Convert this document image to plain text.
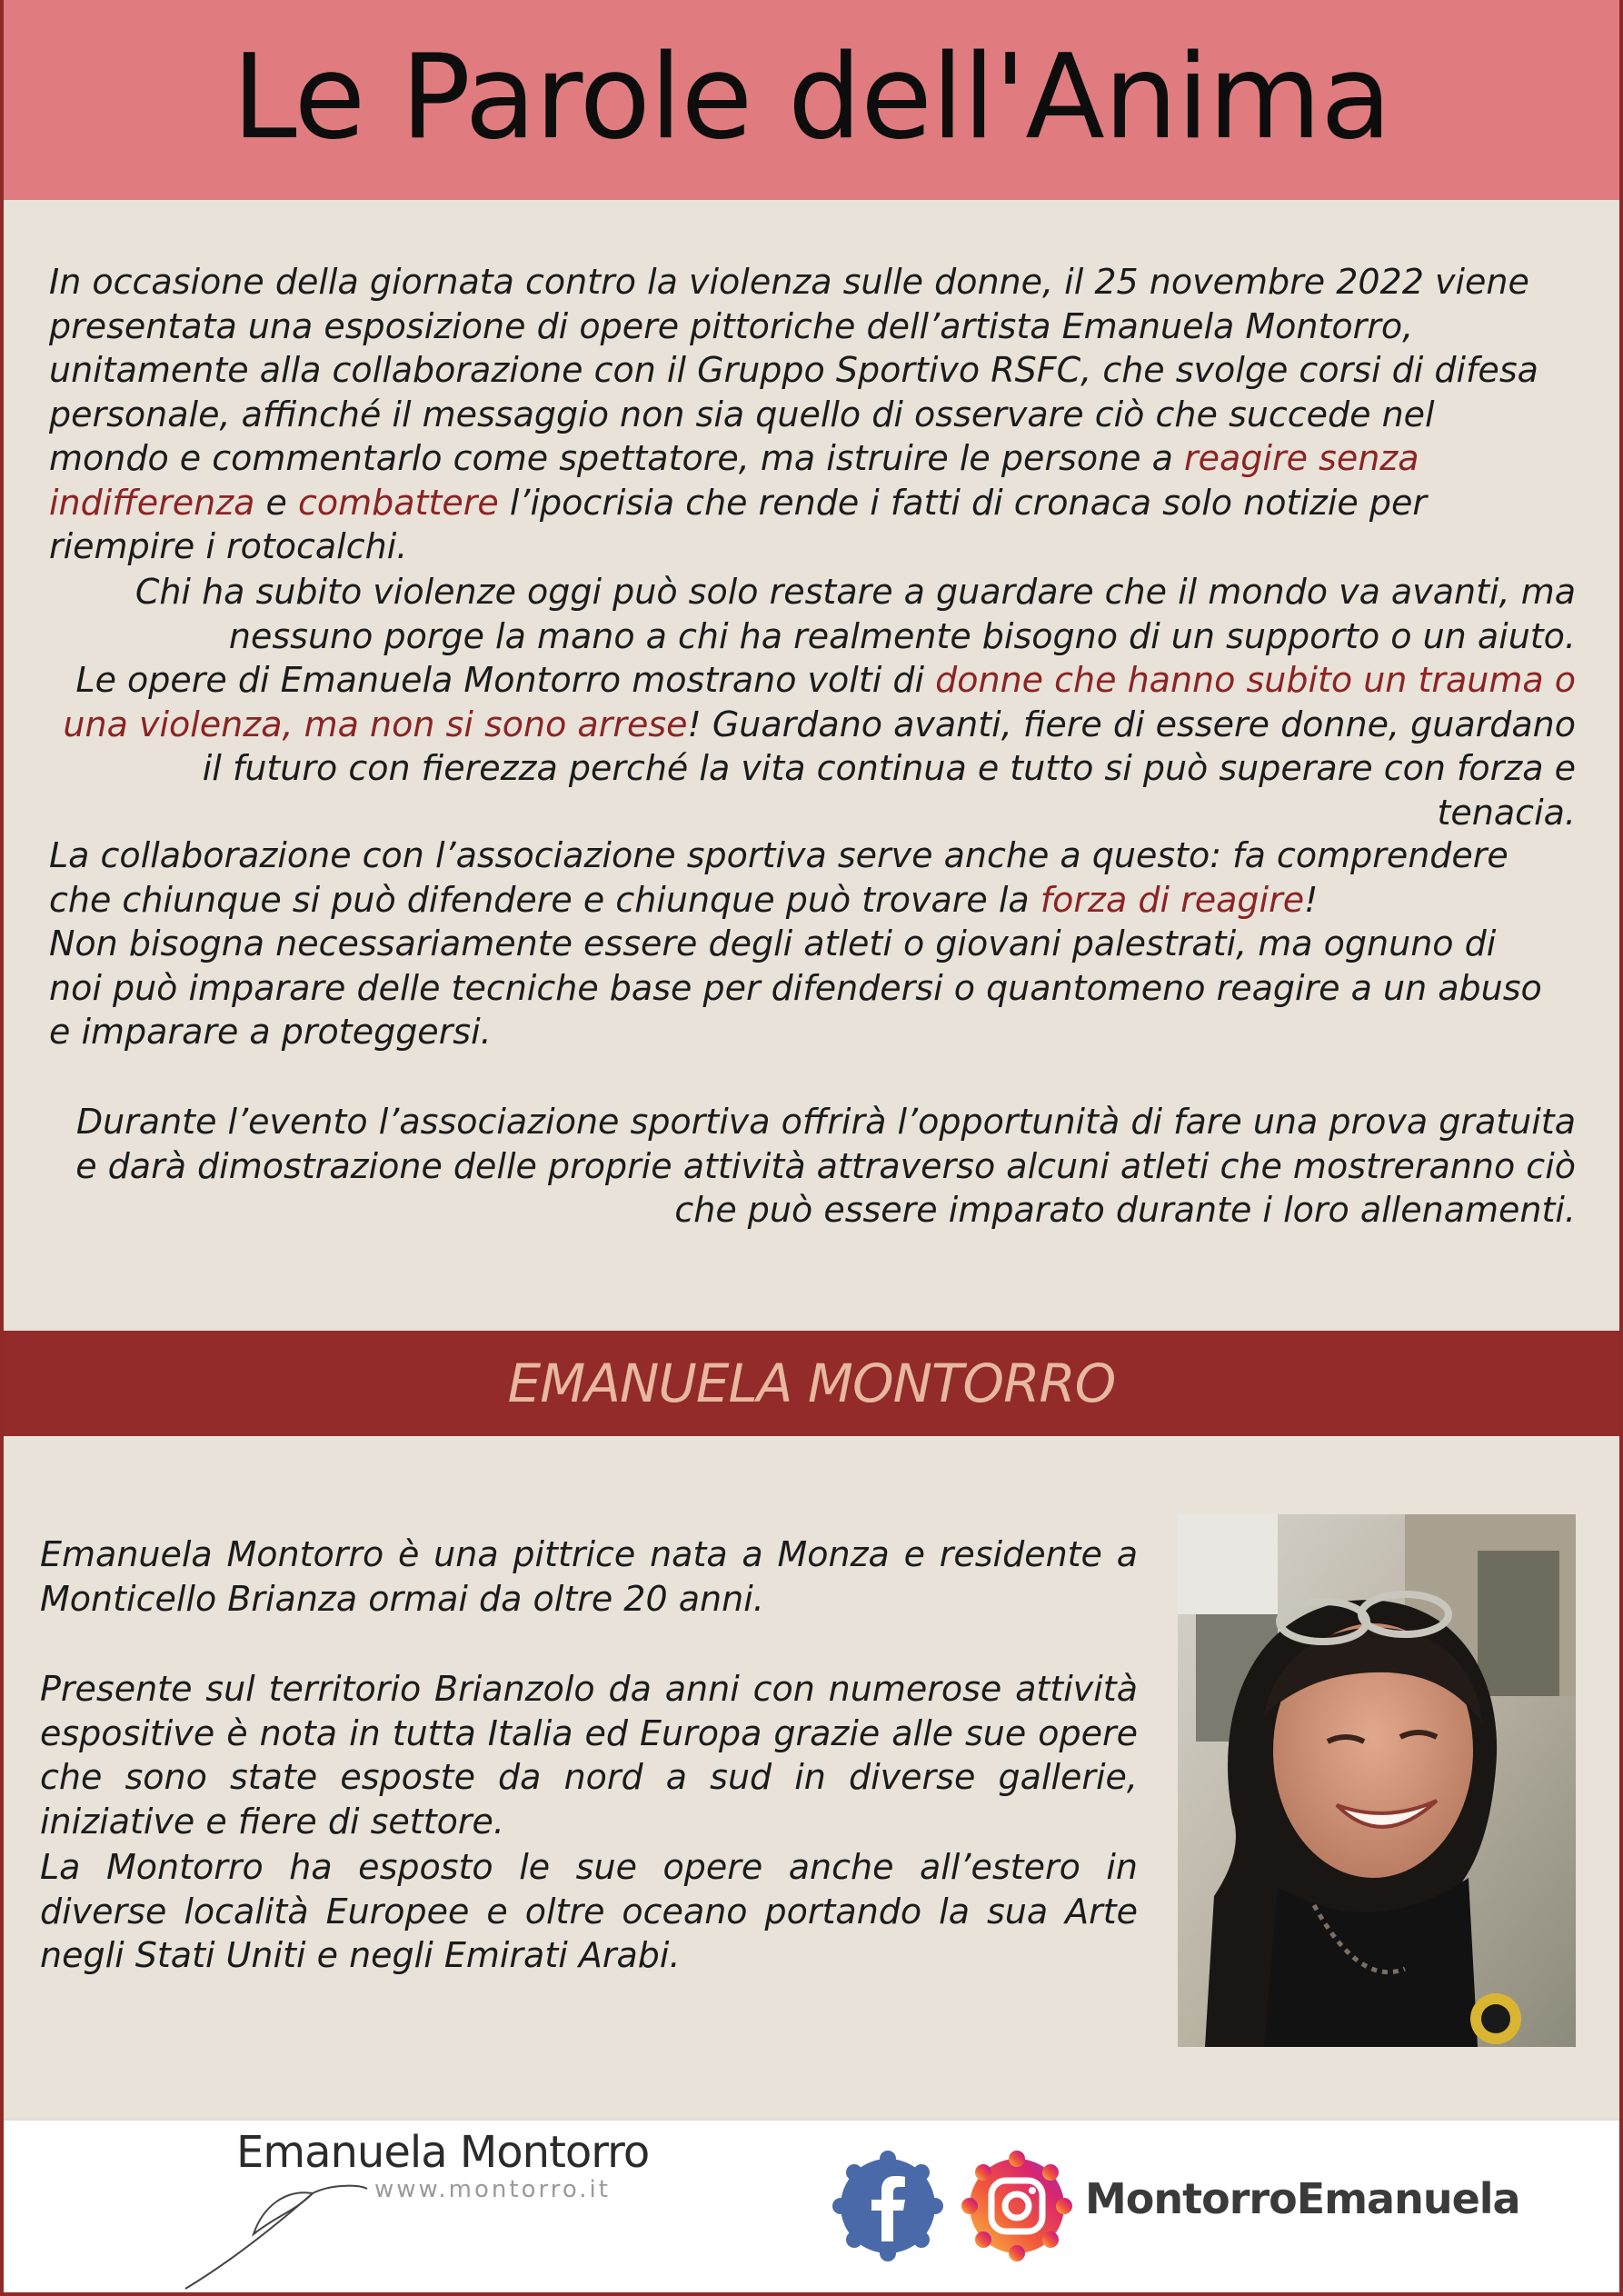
Le Parole dell'Anima

In occasione della giornata contro la violenza sulle donne, il 25 novembre 2022 viene presentata una esposizione di opere pittoriche dell’artista Emanuela Montorro, unitamente alla collaborazione con il Gruppo Sportivo RSFC, che svolge corsi di difesa personale, affinché il messaggio non sia quello di osservare ciò che succede nel mondo e commentarlo come spettatore, ma istruire le persone a reagire senza indifferenza e combattere l’ipocrisia che rende i fatti di cronaca solo notizie per riempire i rotocalchi.

Chi ha subito violenze oggi può solo restare a guardare che il mondo va avanti, ma nessuno porge la mano a chi ha realmente bisogno di un supporto o un aiuto.
Le opere di Emanuela Montorro mostrano volti di donne che hanno subito un trauma o una violenza, ma non si sono arrese! Guardano avanti, fiere di essere donne, guardano il futuro con fierezza perché la vita continua e tutto si può superare con forza e tenacia.

La collaborazione con l’associazione sportiva serve anche a questo: fa comprendere che chiunque si può difendere e chiunque può trovare la forza di reagire!
Non bisogna necessariamente essere degli atleti o giovani palestrati, ma ognuno di noi può imparare delle tecniche base per difendersi o quantomeno reagire a un abuso e imparare a proteggersi.

Durante l’evento l’associazione sportiva offrirà l’opportunità di fare una prova gratuita e darà dimostrazione delle proprie attività attraverso alcuni atleti che mostreranno ciò che può essere imparato durante i loro allenamenti.

EMANUELA MONTORRO

Emanuela Montorro è una pittrice nata a Monza e residente a Monticello Brianza ormai da oltre 20 anni.

Presente sul territorio Brianzolo da anni con numerose attività espositive è nota in tutta Italia ed Europa grazie alle sue opere che sono state esposte da nord a sud in diverse gallerie, iniziative e fiere di settore.

La Montorro ha esposto le sue opere anche all’estero in diverse località Europee e oltre oceano portando la sua Arte negli Stati Uniti e negli Emirati Arabi.

Emanuela Montorro
www.montorro.it	MontorroEmanuela
